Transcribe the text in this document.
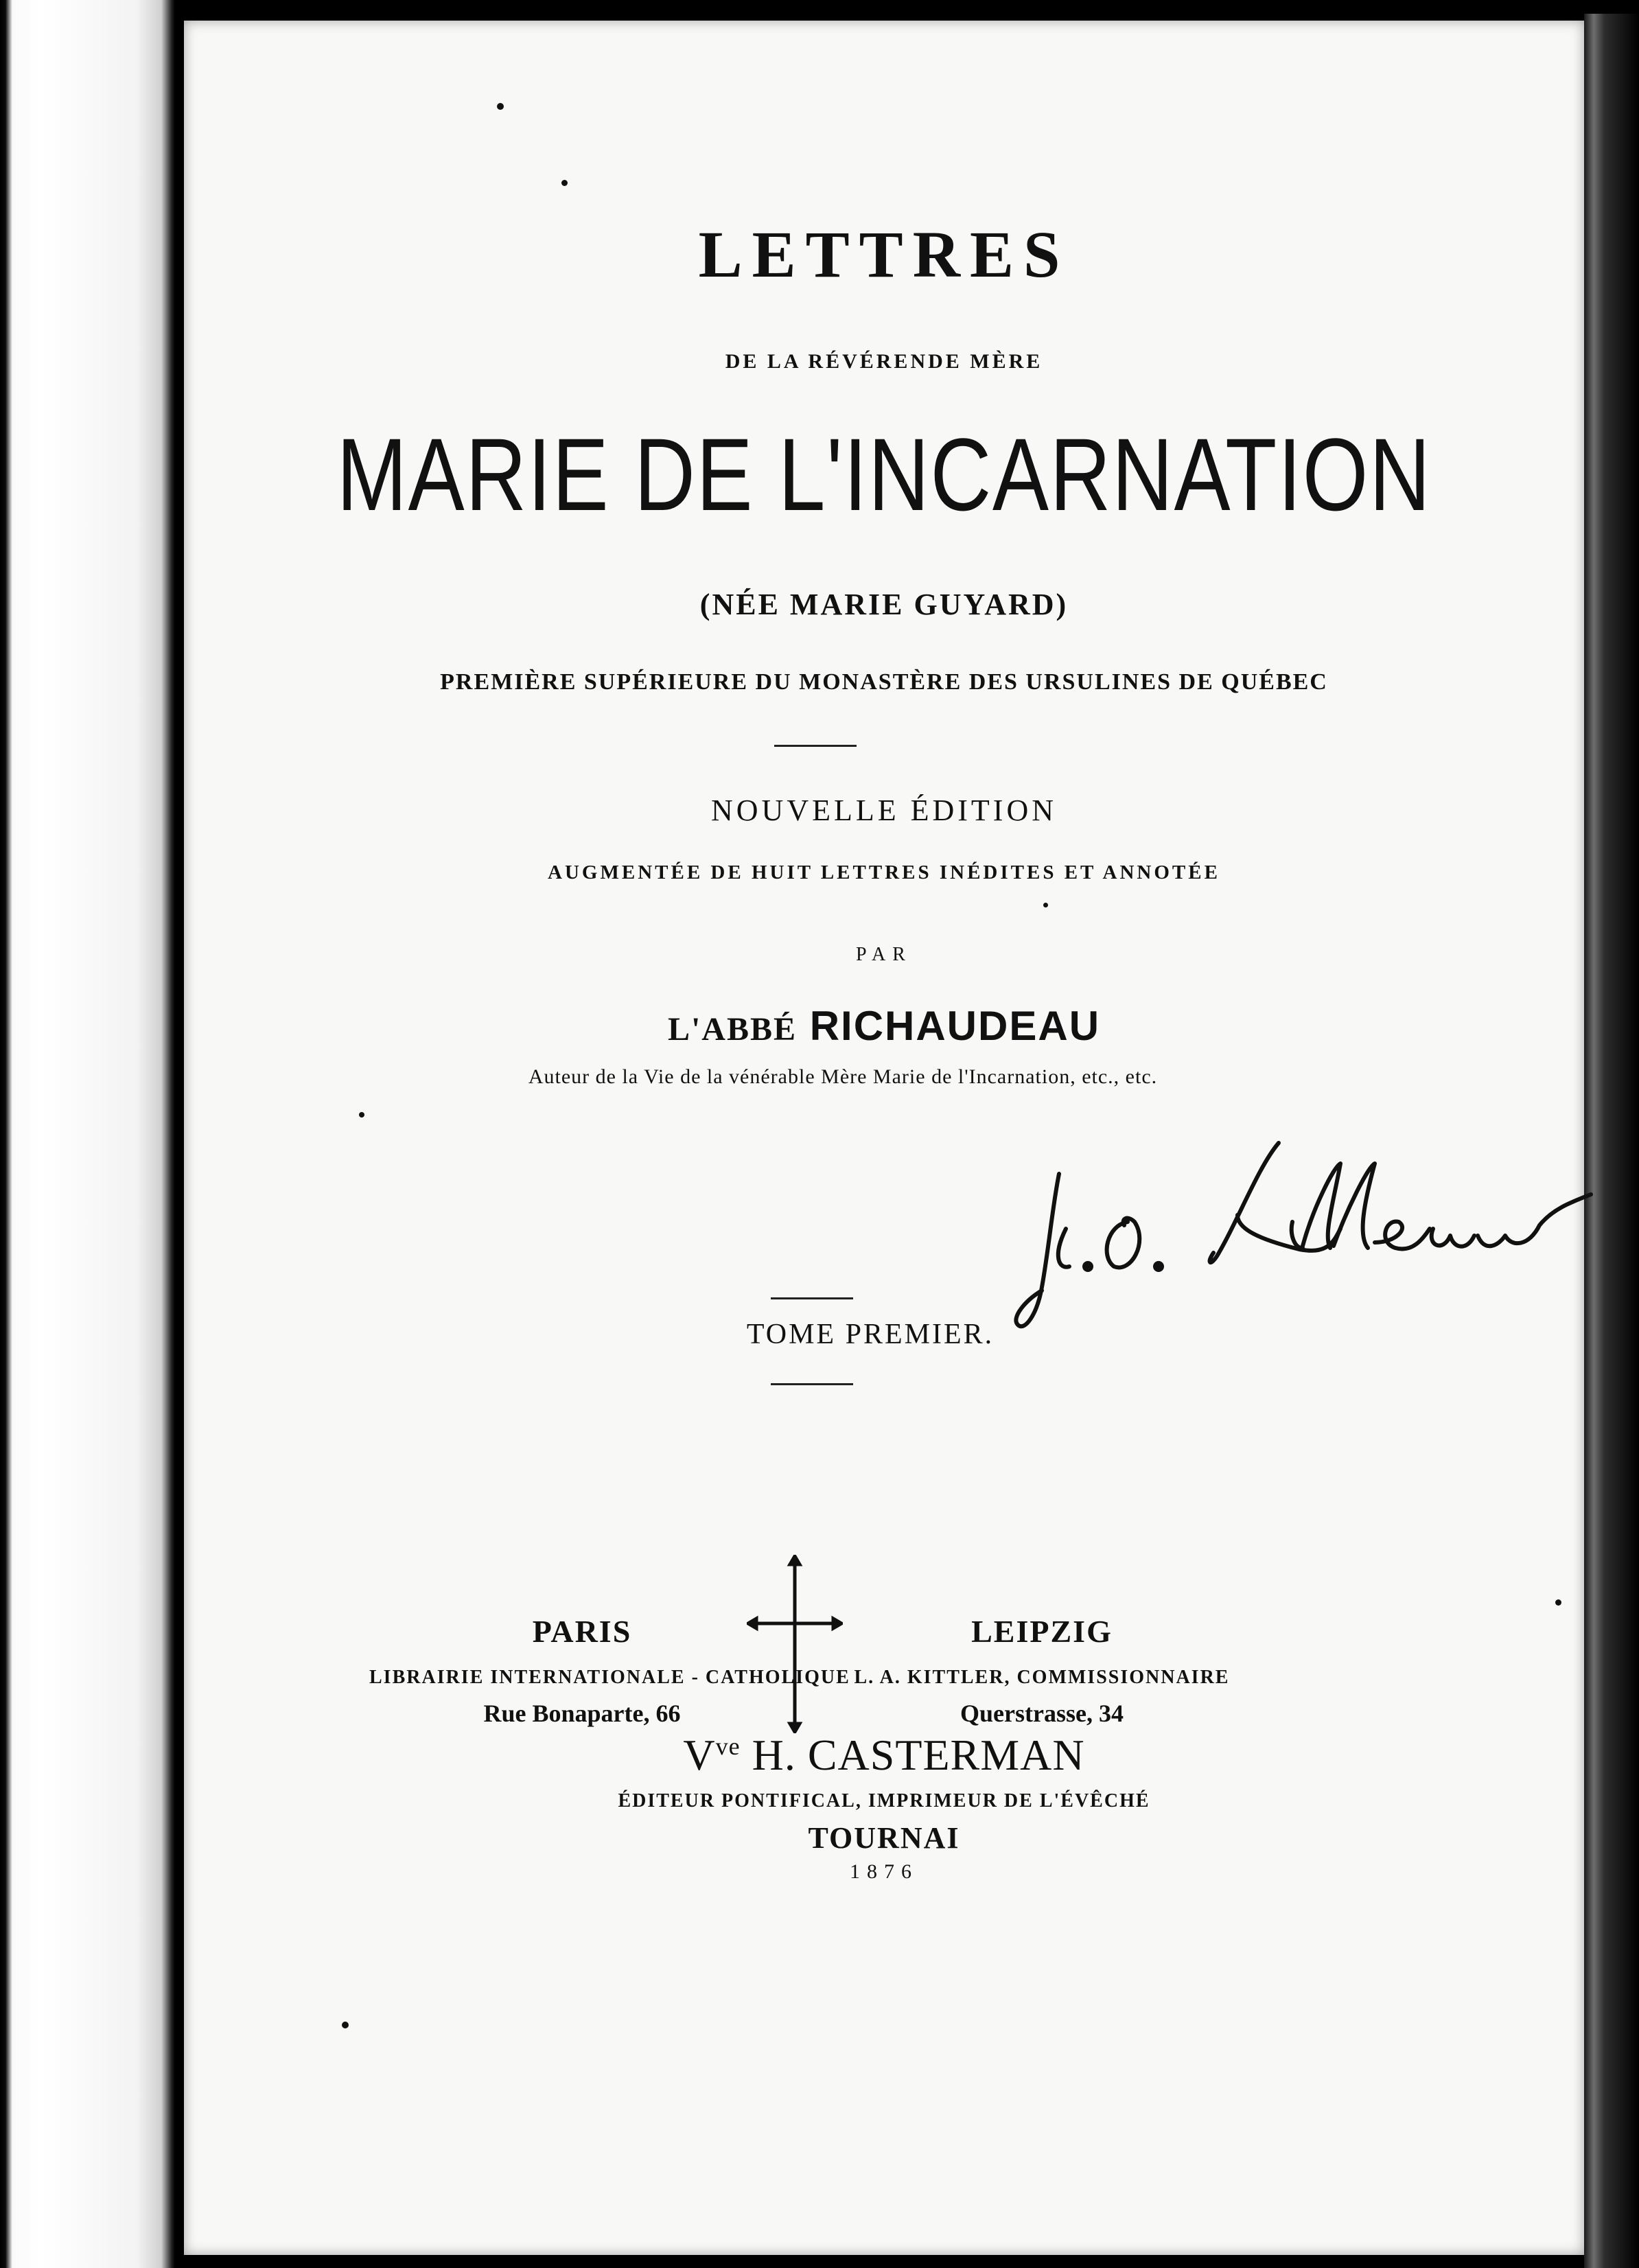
LETTRES
DE LA RÉVÉRENDE MÈRE
MARIE DE L'INCARNATION
(NÉE MARIE GUYARD)
PREMIÈRE SUPÉRIEURE DU MONASTÈRE DES URSULINES DE QUÉBEC
NOUVELLE ÉDITION
AUGMENTÉE DE HUIT LETTRES INÉDITES ET ANNOTÉE
PAR
L'ABBÉ RICHAUDEAU
Auteur de la Vie de la vénérable Mère Marie de l'Incarnation, etc., etc.
TOME PREMIER.
PARIS
LIBRAIRIE INTERNATIONALE - CATHOLIQUE
Rue Bonaparte, 66
LEIPZIG
L. A. KITTLER, COMMISSIONNAIRE
Querstrasse, 34
$V^{ve}$ H. CASTERMAN
ÉDITEUR PONTIFICAL, IMPRIMEUR DE L'ÉVÊCHÉ
TOURNAI
1876
